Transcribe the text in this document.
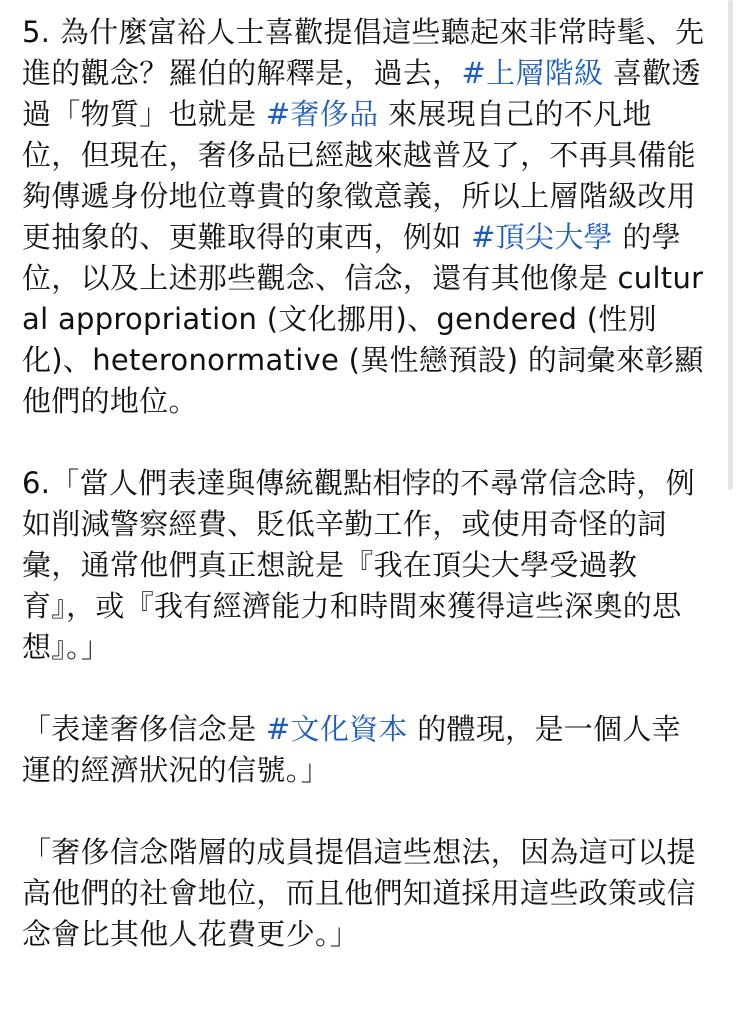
5. 為什麼富裕人士喜歡提倡這些聽起來非常時髦、先進的觀念？羅伯的解釋是，過去，#上層階級 喜歡透過「物質」也就是 #奢侈品 來展現自己的不凡地位，但現在，奢侈品已經越來越普及了，不再具備能夠傳遞身份地位尊貴的象徵意義，所以上層階級改用更抽象的、更難取得的東西，例如 #頂尖大學 的學位，以及上述那些觀念、信念，還有其他像是 cultural appropriation (文化挪用)、gendered (性別化)、heteronormative (異性戀預設) 的詞彙來彰顯他們的地位。

6.「當人們表達與傳統觀點相悖的不尋常信念時，例如削減警察經費、貶低辛勤工作，或使用奇怪的詞彙，通常他們真正想說是『我在頂尖大學受過教育』，或『我有經濟能力和時間來獲得這些深奧的思想』。」

「表達奢侈信念是 #文化資本 的體現，是一個人幸運的經濟狀況的信號。」

「奢侈信念階層的成員提倡這些想法，因為這可以提高他們的社會地位，而且他們知道採用這些政策或信念會比其他人花費更少。」
